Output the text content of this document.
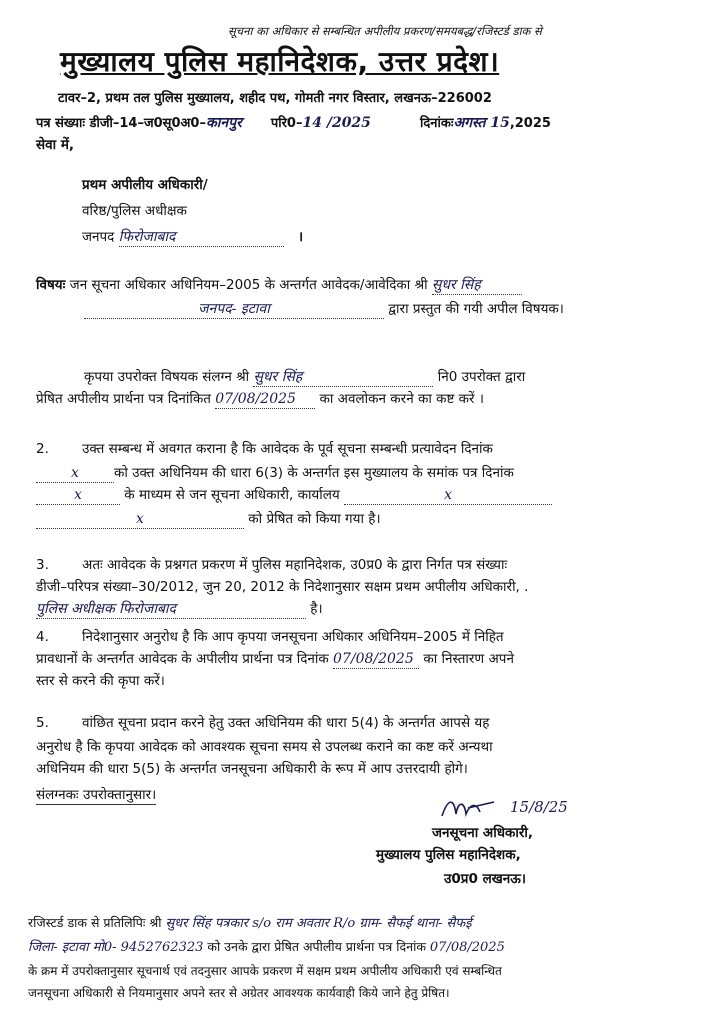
सूचना का अधिकार से सम्बन्धित अपीलीय प्रकरण/समयबद्ध/रजिस्टर्ड डाक से
मुख्यालय पुलिस महानिदेशक, उत्तर प्रदेश।
टावर–2, प्रथम तल पुलिस मुख्यालय, शहीद पथ, गोमती नगर विस्तार, लखनऊ–226002
पत्र संख्याः डीजी–14–ज0सू0अ0–कानपुर परि0–14 /2025	दिनांकःअगस्त 15,2025
सेवा में,
प्रथम अपीलीय अधिकारी/
वरिष्ठ/पुलिस अधीक्षक
जनपद फिरोजाबाद	।
विषयः जन सूचना अधिकार अधिनियम–2005 के अन्तर्गत आवेदक/आवेदिका श्री सुधर सिंह
जनपद- इटावा	द्वारा प्रस्तुत की गयी अपील विषयक।
कृपया उपरोक्त विषयक संलग्न श्री सुधर सिंह	नि0 उपरोक्त द्वारा
प्रेषित अपीलीय प्रार्थना पत्र दिनांकित 07/08/2025 का अवलोकन करने का कष्ट करें ।
2. उक्त सम्बन्ध में अवगत कराना है कि आवेदक के पूर्व सूचना सम्बन्धी प्रत्यावेदन दिनांक
x	को उक्त अधिनियम की धारा 6(3) के अन्तर्गत इस मुख्यालय के समांक पत्र दिनांक
x	के माध्यम से जन सूचना अधिकारी, कार्यालय	x
x	को प्रेषित को किया गया है।
3. अतः आवेदक के प्रश्नगत प्रकरण में पुलिस महानिदेशक, उ0प्र0 के द्वारा निर्गत पत्र संख्याः
डीजी–परिपत्र संख्या–30/2012, जुन 20, 2012 के निदेशानुसार सक्षम प्रथम अपीलीय अधिकारी, .
पुलिस अधीक्षक फिरोजाबाद	है।
4. निदेशानुसार अनुरोध है कि आप कृपया जनसूचना अधिकार अधिनियम–2005 में निहित
प्रावधानों के अन्तर्गत आवेदक के अपीलीय प्रार्थना पत्र दिनांक 07/08/2025 का निस्तारण अपने
स्तर से करने की कृपा करें।
5. वांछित सूचना प्रदान करने हेतु उक्त अधिनियम की धारा 5(4) के अन्तर्गत आपसे यह
अनुरोध है कि कृपया आवेदक को आवश्यक सूचना समय से उपलब्ध कराने का कष्ट करें अन्यथा
अधिनियम की धारा 5(5) के अन्तर्गत जनसूचना अधिकारी के रूप में आप उत्तरदायी होगे।
संलग्नकः उपरोक्तानुसार।
15/8/25
जनसूचना अधिकारी,
मुख्यालय पुलिस महानिदेशक,
उ0प्र0 लखनऊ।
रजिस्टर्ड डाक से प्रतिलिपिः श्री सुधर सिंह पत्रकार s/o राम अवतार R/o ग्राम- सैफई थाना- सैफई
जिला- इटावा मो0- 9452762323 को उनके द्वारा प्रेषित अपीलीय प्रार्थना पत्र दिनांक 07/08/2025
के क्रम में उपरोक्तानुसार सूचनार्थ एवं तदनुसार आपके प्रकरण में सक्षम प्रथम अपीलीय अधिकारी एवं सम्बन्धित
जनसूचना अधिकारी से नियमानुसार अपने स्तर से अग्रेतर आवश्यक कार्यवाही किये जाने हेतु प्रेषित।
